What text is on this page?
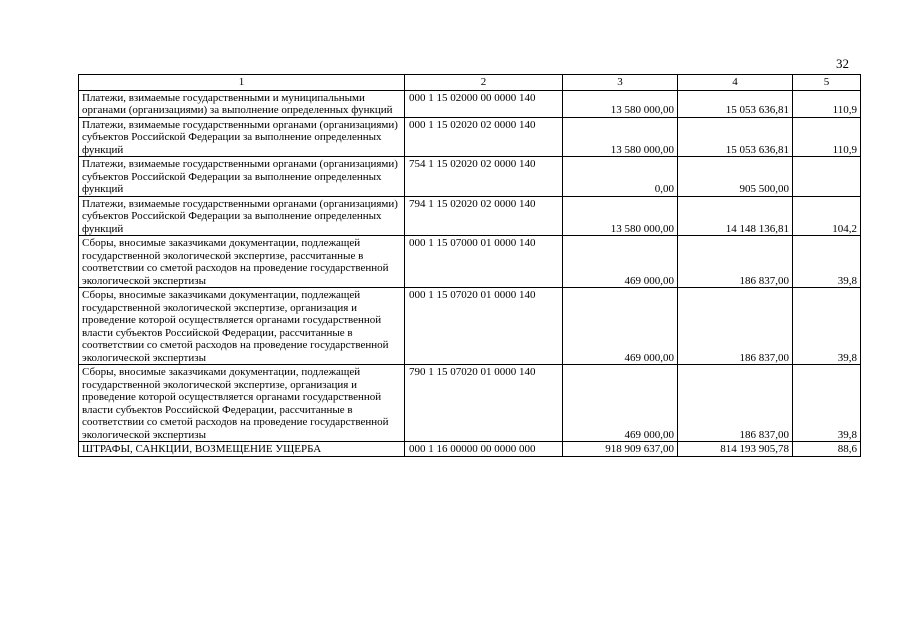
32
1	2	3	4	5
Платежи, взимаемые государственными и муниципальными органами (организациями) за выполнение определенных функций	000 1 15 02000 00 0000 140	13 580 000,00	15 053 636,81	110,9
Платежи, взимаемые государственными органами (организациями) субъектов Российской Федерации за выполнение определенных функций	000 1 15 02020 02 0000 140	13 580 000,00	15 053 636,81	110,9
Платежи, взимаемые государственными органами (организациями) субъектов Российской Федерации за выполнение определенных функций	754 1 15 02020 02 0000 140	0,00	905 500,00	
Платежи, взимаемые государственными органами (организациями) субъектов Российской Федерации за выполнение определенных функций	794 1 15 02020 02 0000 140	13 580 000,00	14 148 136,81	104,2
Сборы, вносимые заказчиками документации, подлежащей государственной экологической экспертизе, рассчитанные в соответствии со сметой расходов на проведение государственной экологической экспертизы	000 1 15 07000 01 0000 140	469 000,00	186 837,00	39,8
Сборы, вносимые заказчиками документации, подлежащей государственной экологической экспертизе, организация и проведение которой осуществляется органами государственной власти субъектов Российской Федерации, рассчитанные в соответствии со сметой расходов на проведение государственной экологической экспертизы	000 1 15 07020 01 0000 140	469 000,00	186 837,00	39,8
Сборы, вносимые заказчиками документации, подлежащей государственной экологической экспертизе, организация и проведение которой осуществляется органами государственной власти субъектов Российской Федерации, рассчитанные в соответствии со сметой расходов на проведение государственной экологической экспертизы	790 1 15 07020 01 0000 140	469 000,00	186 837,00	39,8
ШТРАФЫ, САНКЦИИ, ВОЗМЕЩЕНИЕ УЩЕРБА	000 1 16 00000 00 0000 000	918 909 637,00	814 193 905,78	88,6
